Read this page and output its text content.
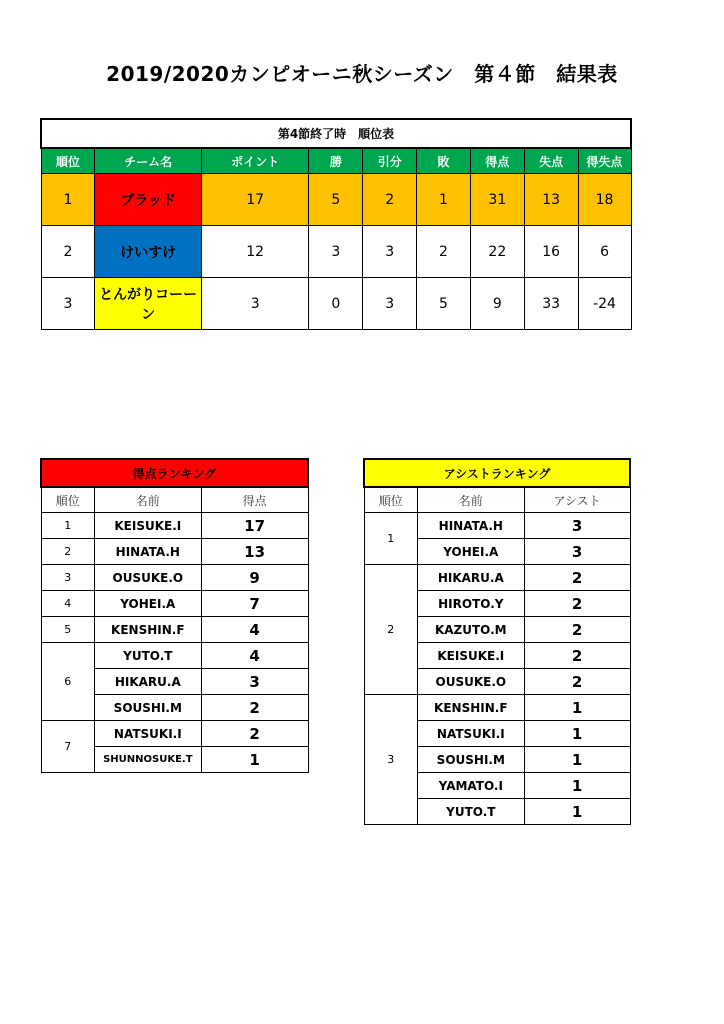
2019/2020カンピオーニ秋シーズン　第４節　結果表
第4節終了時　順位表								
順位	チーム名	ポイント	勝	引分	敗	得点	失点	得失点
1	ブラッド	17	5	2	1	31	13	18
2	けいすけ	12	3	3	2	22	16	6
3	とんがりコーーン	3	0	3	5	9	33	-24
得点ランキング		
順位	名前	得点
1	KEISUKE.I	17
2	HINATA.H	13
3	OUSUKE.O	9
4	YOHEI.A	7
5	KENSHIN.F	4
6	YUTO.T	4
	HIKARU.A	3
	SOUSHI.M	2
7	NATSUKI.I	2
	SHUNNOSUKE.T	1
アシストランキング		
順位	名前	アシスト
1	HINATA.H	3
	YOHEI.A	3
2	HIKARU.A	2
	HIROTO.Y	2
	KAZUTO.M	2
	KEISUKE.I	2
	OUSUKE.O	2
3	KENSHIN.F	1
	NATSUKI.I	1
	SOUSHI.M	1
	YAMATO.I	1
	YUTO.T	1
